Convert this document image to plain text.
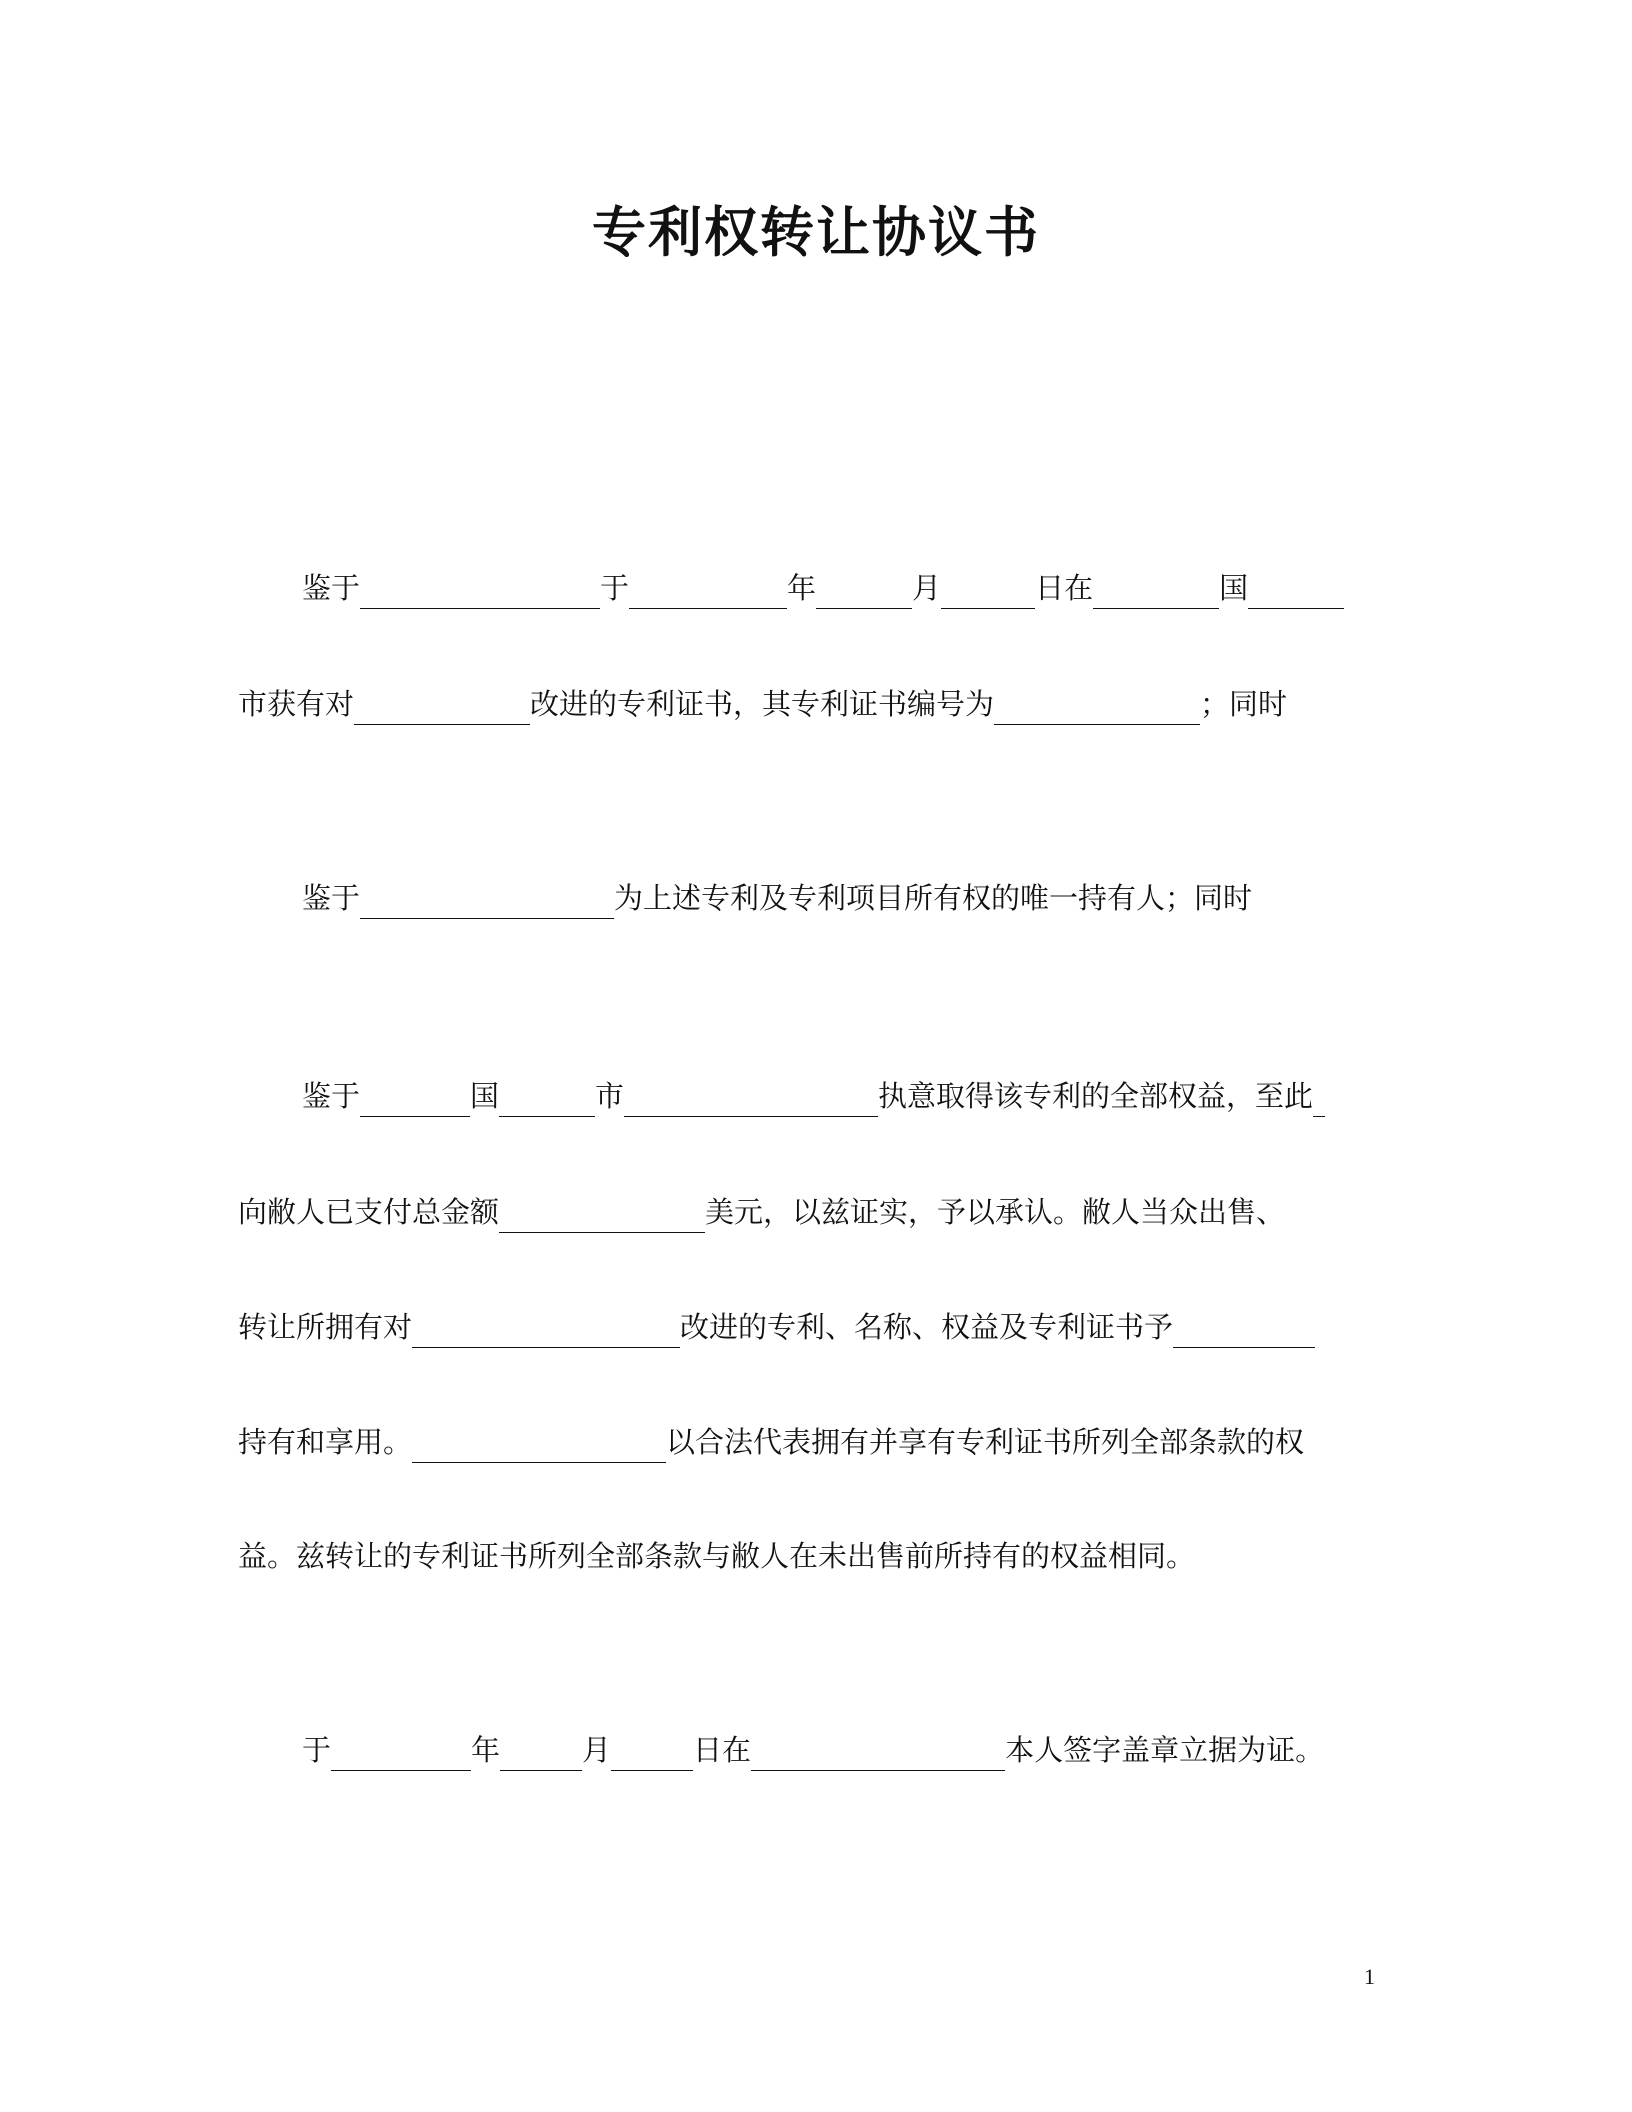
专利权转让协议书
鉴于	于	年	月	日在	国
市获有对	改进的专利证书，其专利证书编号为	；同时
鉴于	为上述专利及专利项目所有权的唯一持有人；同时
鉴于	国	市	执意取得该专利的全部权益，至此
向敝人已支付总金额	美元，以兹证实，予以承认。敝人当众出售、
转让所拥有对	改进的专利、名称、权益及专利证书予
持有和享用。	以合法代表拥有并享有专利证书所列全部条款的权
益。兹转让的专利证书所列全部条款与敝人在未出售前所持有的权益相同。
于	年	月	日在	本人签字盖章立据为证。
1
